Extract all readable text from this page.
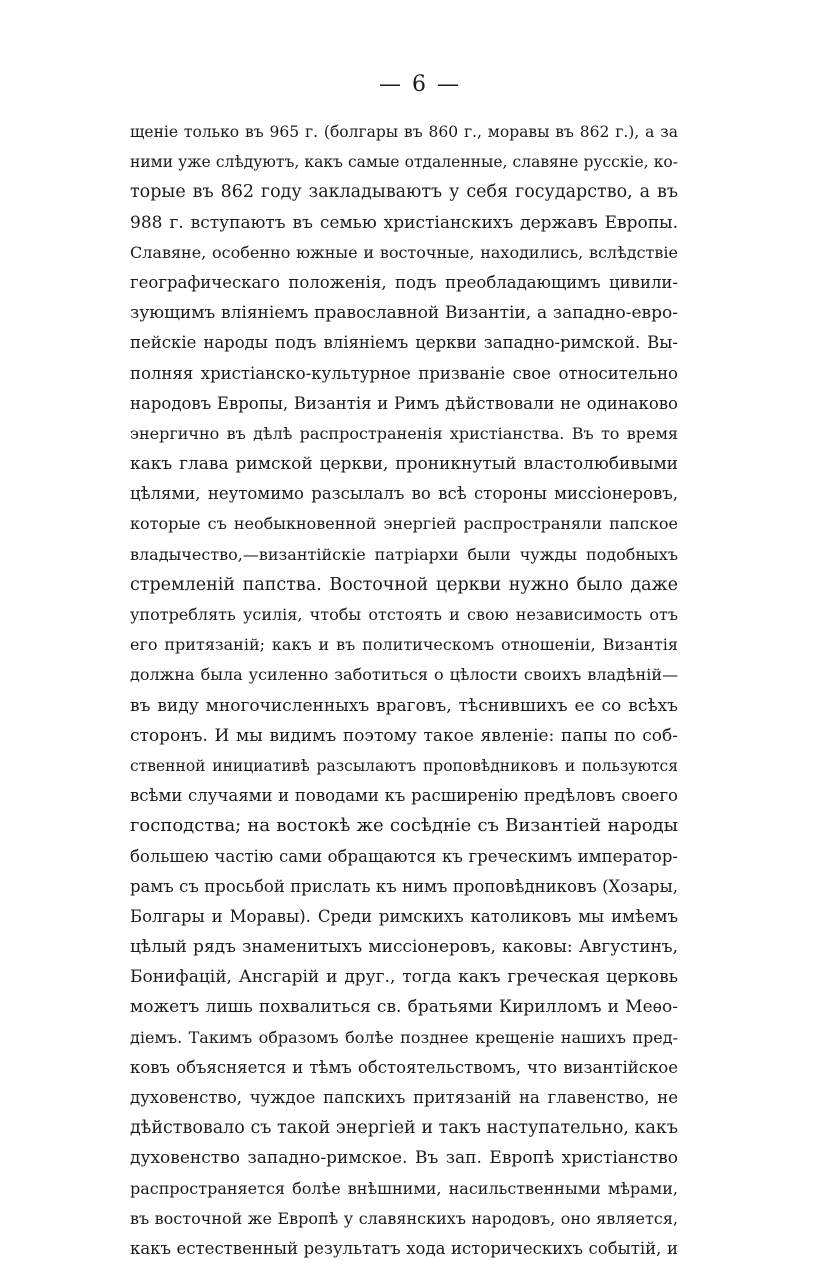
— 6 —
щенiе только въ 965 г. (болгары въ 860 г., моравы въ 862 г.), а за
ними уже слѣдуютъ, какъ самые отдаленные, славяне русскiе, ко-
торые въ 862 году закладываютъ у себя государство, а въ
988 г. вступаютъ въ семью христiанскихъ державъ Европы.
Славяне, особенно южные и восточные, находились, вслѣдствiе
географическаго положенiя, подъ преобладающимъ цивили-
зующимъ влiянiемъ православной Византiи, а западно-евро-
пейскiе народы подъ влiянiемъ церкви западно-римской. Вы-
полняя христiанско-культурное призванiе свое относительно
народовъ Европы, Византiя и Римъ дѣйствовали не одинаково
энергично въ дѣлѣ распространенiя христiанства. Въ то время
какъ глава римской церкви, проникнутый властолюбивыми
цѣлями, неутомимо разсылалъ во всѣ стороны миссiонеровъ,
которые съ необыкновенной энергiей распространяли папское
владычество,—византiйскiе патрiархи были чужды подобныхъ
стремленiй папства. Восточной церкви нужно было даже
употреблять усилiя, чтобы отстоять и свою независимость отъ
его притязанiй; какъ и въ политическомъ отношенiи, Византiя
должна была усиленно заботиться о цѣлости своихъ владѣнiй—
въ виду многочисленныхъ враговъ, тѣснившихъ ее со всѣхъ
сторонъ. И мы видимъ поэтому такое явленiе: папы по соб-
ственной инициативѣ разсылаютъ проповѣдниковъ и пользуются
всѣми случаями и поводами къ расширенiю предѣловъ своего
господства; на востокѣ же сосѣднiе съ Византiей народы
большею частiю сами обращаются къ греческимъ император-
рамъ съ просьбой прислать къ нимъ проповѣдниковъ (Хозары,
Болгары и Моравы). Среди римскихъ католиковъ мы имѣемъ
цѣлый рядъ знаменитыхъ миссiонеровъ, каковы: Августинъ,
Бонифацiй, Ансгарiй и друг., тогда какъ греческая церковь
можетъ лишь похвалиться св. братьями Кирилломъ и Меѳо-
дiемъ. Такимъ образомъ болѣе позднее крещенiе нашихъ пред-
ковъ объясняется и тѣмъ обстоятельствомъ, что византiйское
духовенство, чуждое папскихъ притязанiй на главенство, не
дѣйствовало съ такой энергiей и такъ наступательно, какъ
духовенство западно-римское. Въ зап. Европѣ христiанство
распространяется болѣе внѣшними, насильственными мѣрами,
въ восточной же Европѣ у славянскихъ народовъ, оно является,
какъ естественный результатъ хода историческихъ событiй, и
